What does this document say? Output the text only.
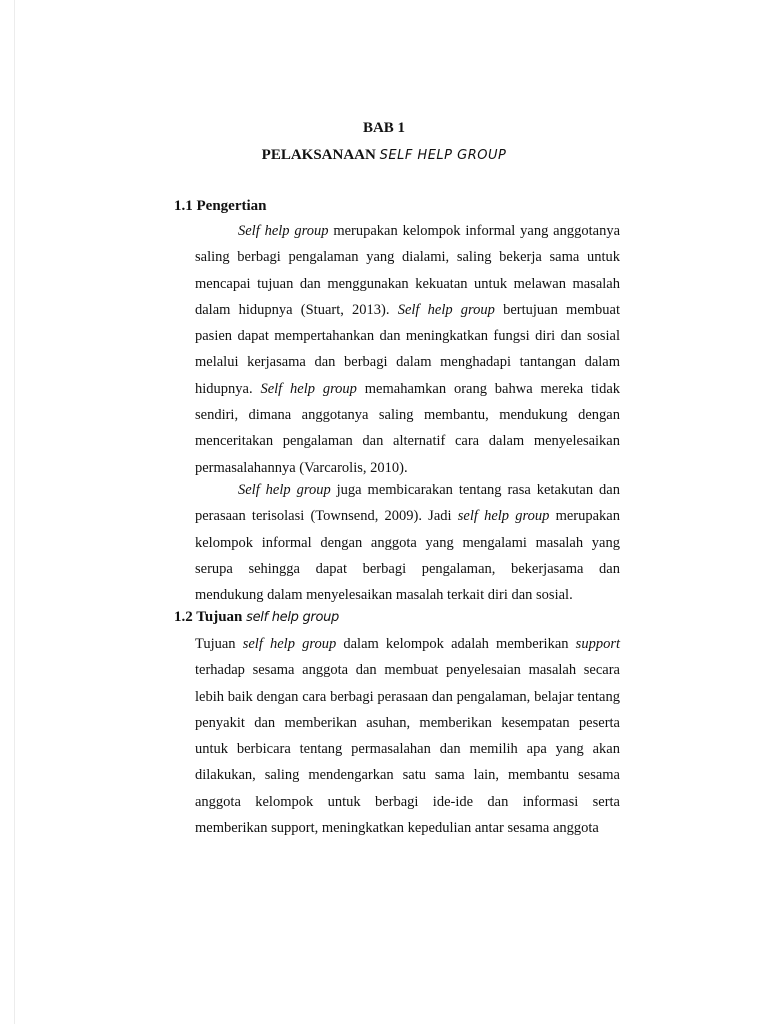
BAB 1
PELAKSANAAN SELF HELP GROUP
1.1 Pengertian

Self help group merupakan kelompok informal yang anggotanya saling berbagi pengalaman yang dialami, saling bekerja sama untuk mencapai tujuan dan menggunakan kekuatan untuk melawan masalah dalam hidupnya (Stuart, 2013). Self help group bertujuan membuat pasien dapat mempertahankan dan meningkatkan fungsi diri dan sosial melalui kerjasama dan berbagi dalam menghadapi tantangan dalam hidupnya. Self help group memahamkan orang bahwa mereka tidak sendiri, dimana anggotanya saling membantu, mendukung dengan menceritakan pengalaman dan alternatif cara dalam menyelesaikan permasalahannya (Varcarolis, 2010).

Self help group juga membicarakan tentang rasa ketakutan dan perasaan terisolasi (Townsend, 2009). Jadi self help group merupakan kelompok informal dengan anggota yang mengalami masalah yang serupa sehingga dapat berbagi pengalaman, bekerjasama dan mendukung dalam menyelesaikan masalah terkait diri dan sosial.

1.2 Tujuan self help group

Tujuan self help group dalam kelompok adalah memberikan support terhadap sesama anggota dan membuat penyelesaian masalah secara lebih baik dengan cara berbagi perasaan dan pengalaman, belajar tentang penyakit dan memberikan asuhan, memberikan kesempatan peserta untuk berbicara tentang permasalahan dan memilih apa yang akan dilakukan, saling mendengarkan satu sama lain, membantu sesama anggota kelompok untuk berbagi ide-ide dan informasi serta memberikan support, meningkatkan kepedulian antar sesama anggota
